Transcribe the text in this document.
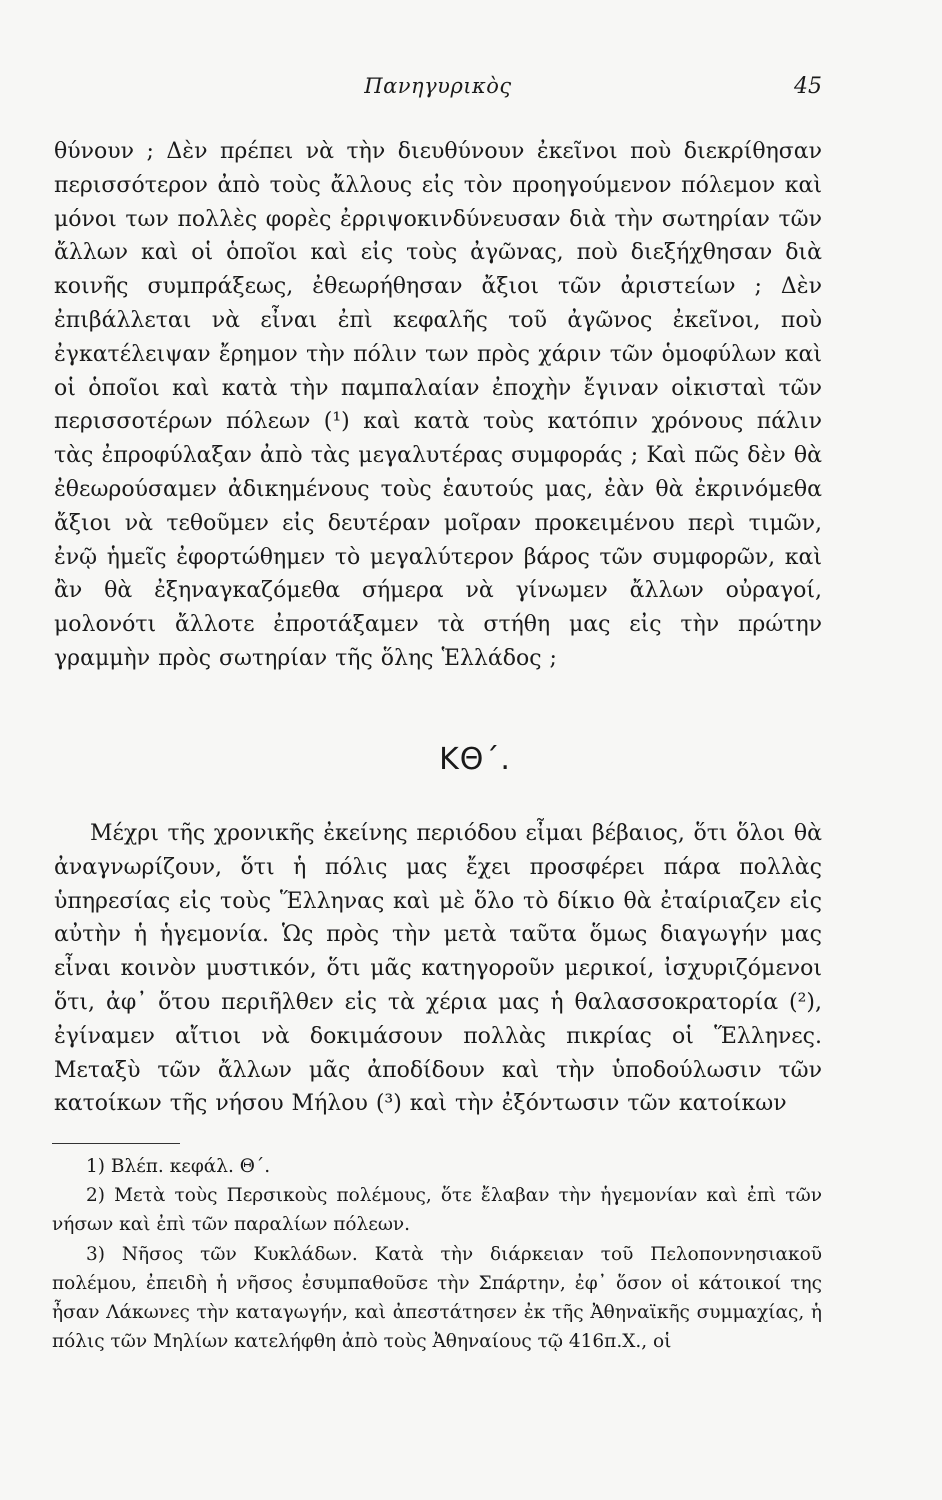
Πανηγυρικὸς	45

θύνουν ; Δὲν πρέπει νὰ τὴν διευθύνουν ἐκεῖνοι ποὺ διεκρίθησαν περισσότερον ἀπὸ τοὺς ἄλλους εἰς τὸν προηγούμενον πόλεμον καὶ μόνοι των πολλὲς φορὲς ἐρριψοκινδύνευσαν διὰ τὴν σωτηρίαν τῶν ἄλλων καὶ οἱ ὁποῖοι καὶ εἰς τοὺς ἀγῶνας, ποὺ διεξήχθησαν διὰ κοινῆς συμπράξεως, ἐθεωρήθησαν ἄξιοι τῶν ἀριστείων ; Δὲν ἐπιβάλλεται νὰ εἶναι ἐπὶ κεφαλῆς τοῦ ἀγῶνος ἐκεῖνοι, ποὺ ἐγκατέλειψαν ἔρημον τὴν πόλιν των πρὸς χάριν τῶν ὁμοφύλων καὶ οἱ ὁποῖοι καὶ κατὰ τὴν παμπαλαίαν ἐποχὴν ἔγιναν οἰκισταὶ τῶν περισσοτέρων πόλεων (¹) καὶ κατὰ τοὺς κατόπιν χρόνους πάλιν τὰς ἐπροφύλαξαν ἀπὸ τὰς μεγαλυτέρας συμφοράς ; Καὶ πῶς δὲν θὰ ἐθεωρούσαμεν ἀδικημένους τοὺς ἑαυτούς μας, ἐὰν θὰ ἐκρινόμεθα ἄξιοι νὰ τεθοῦμεν εἰς δευτέραν μοῖραν προκειμένου περὶ τιμῶν, ἐνῷ ἡμεῖς ἐφορτώθημεν τὸ μεγαλύτερον βάρος τῶν συμφορῶν, καὶ ἂν θὰ ἐξηναγκαζόμεθα σήμερα νὰ γίνωμεν ἄλλων οὐραγοί, μολονότι ἄλλοτε ἐπροτάξαμεν τὰ στήθη μας εἰς τὴν πρώτην γραμμὴν πρὸς σωτηρίαν τῆς ὅλης Ἑλλάδος ;

ΚΘ΄.

Μέχρι τῆς χρονικῆς ἐκείνης περιόδου εἶμαι βέβαιος, ὅτι ὅλοι θὰ ἀναγνωρίζουν, ὅτι ἡ πόλις μας ἔχει προσφέρει πάρα πολλὰς ὑπηρεσίας εἰς τοὺς Ἕλληνας καὶ μὲ ὅλο τὸ δίκιο θὰ ἐταίριαζεν εἰς αὐτὴν ἡ ἡγεμονία. Ὡς πρὸς τὴν μετὰ ταῦτα ὅμως διαγωγήν μας εἶναι κοινὸν μυστικόν, ὅτι μᾶς κατηγοροῦν μερικοί, ἰσχυριζόμενοι ὅτι, ἀφ᾽ ὅτου περιῆλθεν εἰς τὰ χέρια μας ἡ θαλασσοκρατορία (²), ἐγίναμεν αἴτιοι νὰ δοκιμάσουν πολλὰς πικρίας οἱ Ἕλληνες. Μεταξὺ τῶν ἄλλων μᾶς ἀποδίδουν καὶ τὴν ὑποδούλωσιν τῶν κατοίκων τῆς νήσου Μήλου (³) καὶ τὴν ἐξόντωσιν τῶν κατοίκων

1) Βλέπ. κεφάλ. Θ΄.

2) Μετὰ τοὺς Περσικοὺς πολέμους, ὅτε ἔλαβαν τὴν ἡγεμονίαν καὶ ἐπὶ τῶν νήσων καὶ ἐπὶ τῶν παραλίων πόλεων.

3) Νῆσος τῶν Κυκλάδων. Κατὰ τὴν διάρκειαν τοῦ Πελοποννησιακοῦ πολέμου, ἐπειδὴ ἡ νῆσος ἐσυμπαθοῦσε τὴν Σπάρτην, ἐφ᾽ ὅσον οἱ κάτοικοί της ἦσαν Λάκωνες τὴν καταγωγήν, καὶ ἀπεστάτησεν ἐκ τῆς Ἀθηναϊκῆς συμμαχίας, ἡ πόλις τῶν Μηλίων κατελήφθη ἀπὸ τοὺς Ἀθηναίους τῷ 416π.Χ., οἱ
